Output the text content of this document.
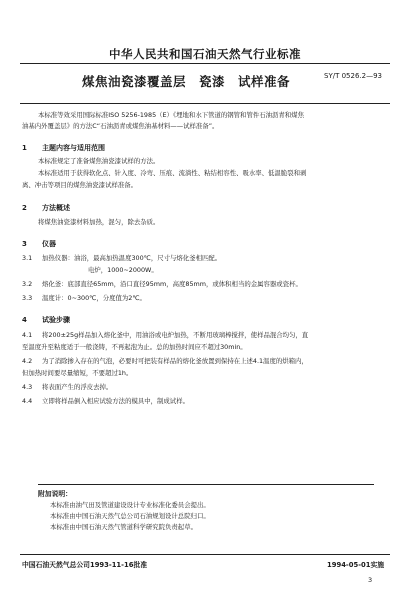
中华人民共和国石油天然气行业标准
煤焦油瓷漆覆盖层　瓷漆　试样准备	SY/T 0526.2—93
本标准等效采用国际标准ISO 5256-1985（E）《埋地和水下管道的钢管和管件石油沥青和煤焦
油基内外覆盖层》的方法C“石油沥青或煤焦油基材料——试样准备”。
1 主题内容与适用范围
本标准规定了准备煤焦油瓷漆试样的方法。
本标准适用于获得软化点、针入度、冷弯、压痕、流淌性、粘结相容性、吸水率、低温脆裂和剥
离、冲击等项目的煤焦油瓷漆试样准备。
2 方法概述
将煤焦油瓷漆材料加热，混匀，除去杂质。
3 仪器
3.1 加热仪器：油浴，最高加热温度300℃，尺寸与熔化釜相匹配。
电炉，1000~2000W。
3.2 熔化釜：底部直径65mm，沿口直径95mm，高度85mm，或体积相当的金属容器或瓷杯。
3.3 温度计：0~300℃，分度值为2℃。
4 试验步骤
4.1 将200±25g样品加入熔化釜中，用油浴或电炉加热，不断用玻璃棒搅拌，使样品混合均匀，直
至温度升至粘度适于一般浇铸，不再起泡为止。总的加热时间应不超过30min。
4.2 为了消除掺入存在的气泡，必要时可把装有样品的熔化釜放置到保持在上述4.1温度的烘箱内，
但加热时间要尽量缩短，不要超过1h。
4.3 将表面产生的浮皮去掉。
4.4 立即将样品倒入相应试验方法的模具中，制成试样。
附加说明：
本标准由油气田及管道建设设计专业标准化委员会提出。
本标准由中国石油天然气总公司石油规划设计总院归口。
本标准由中国石油天然气管道科学研究院负责起草。
中国石油天然气总公司1993-11-16批准	1994-05-01实施
3
